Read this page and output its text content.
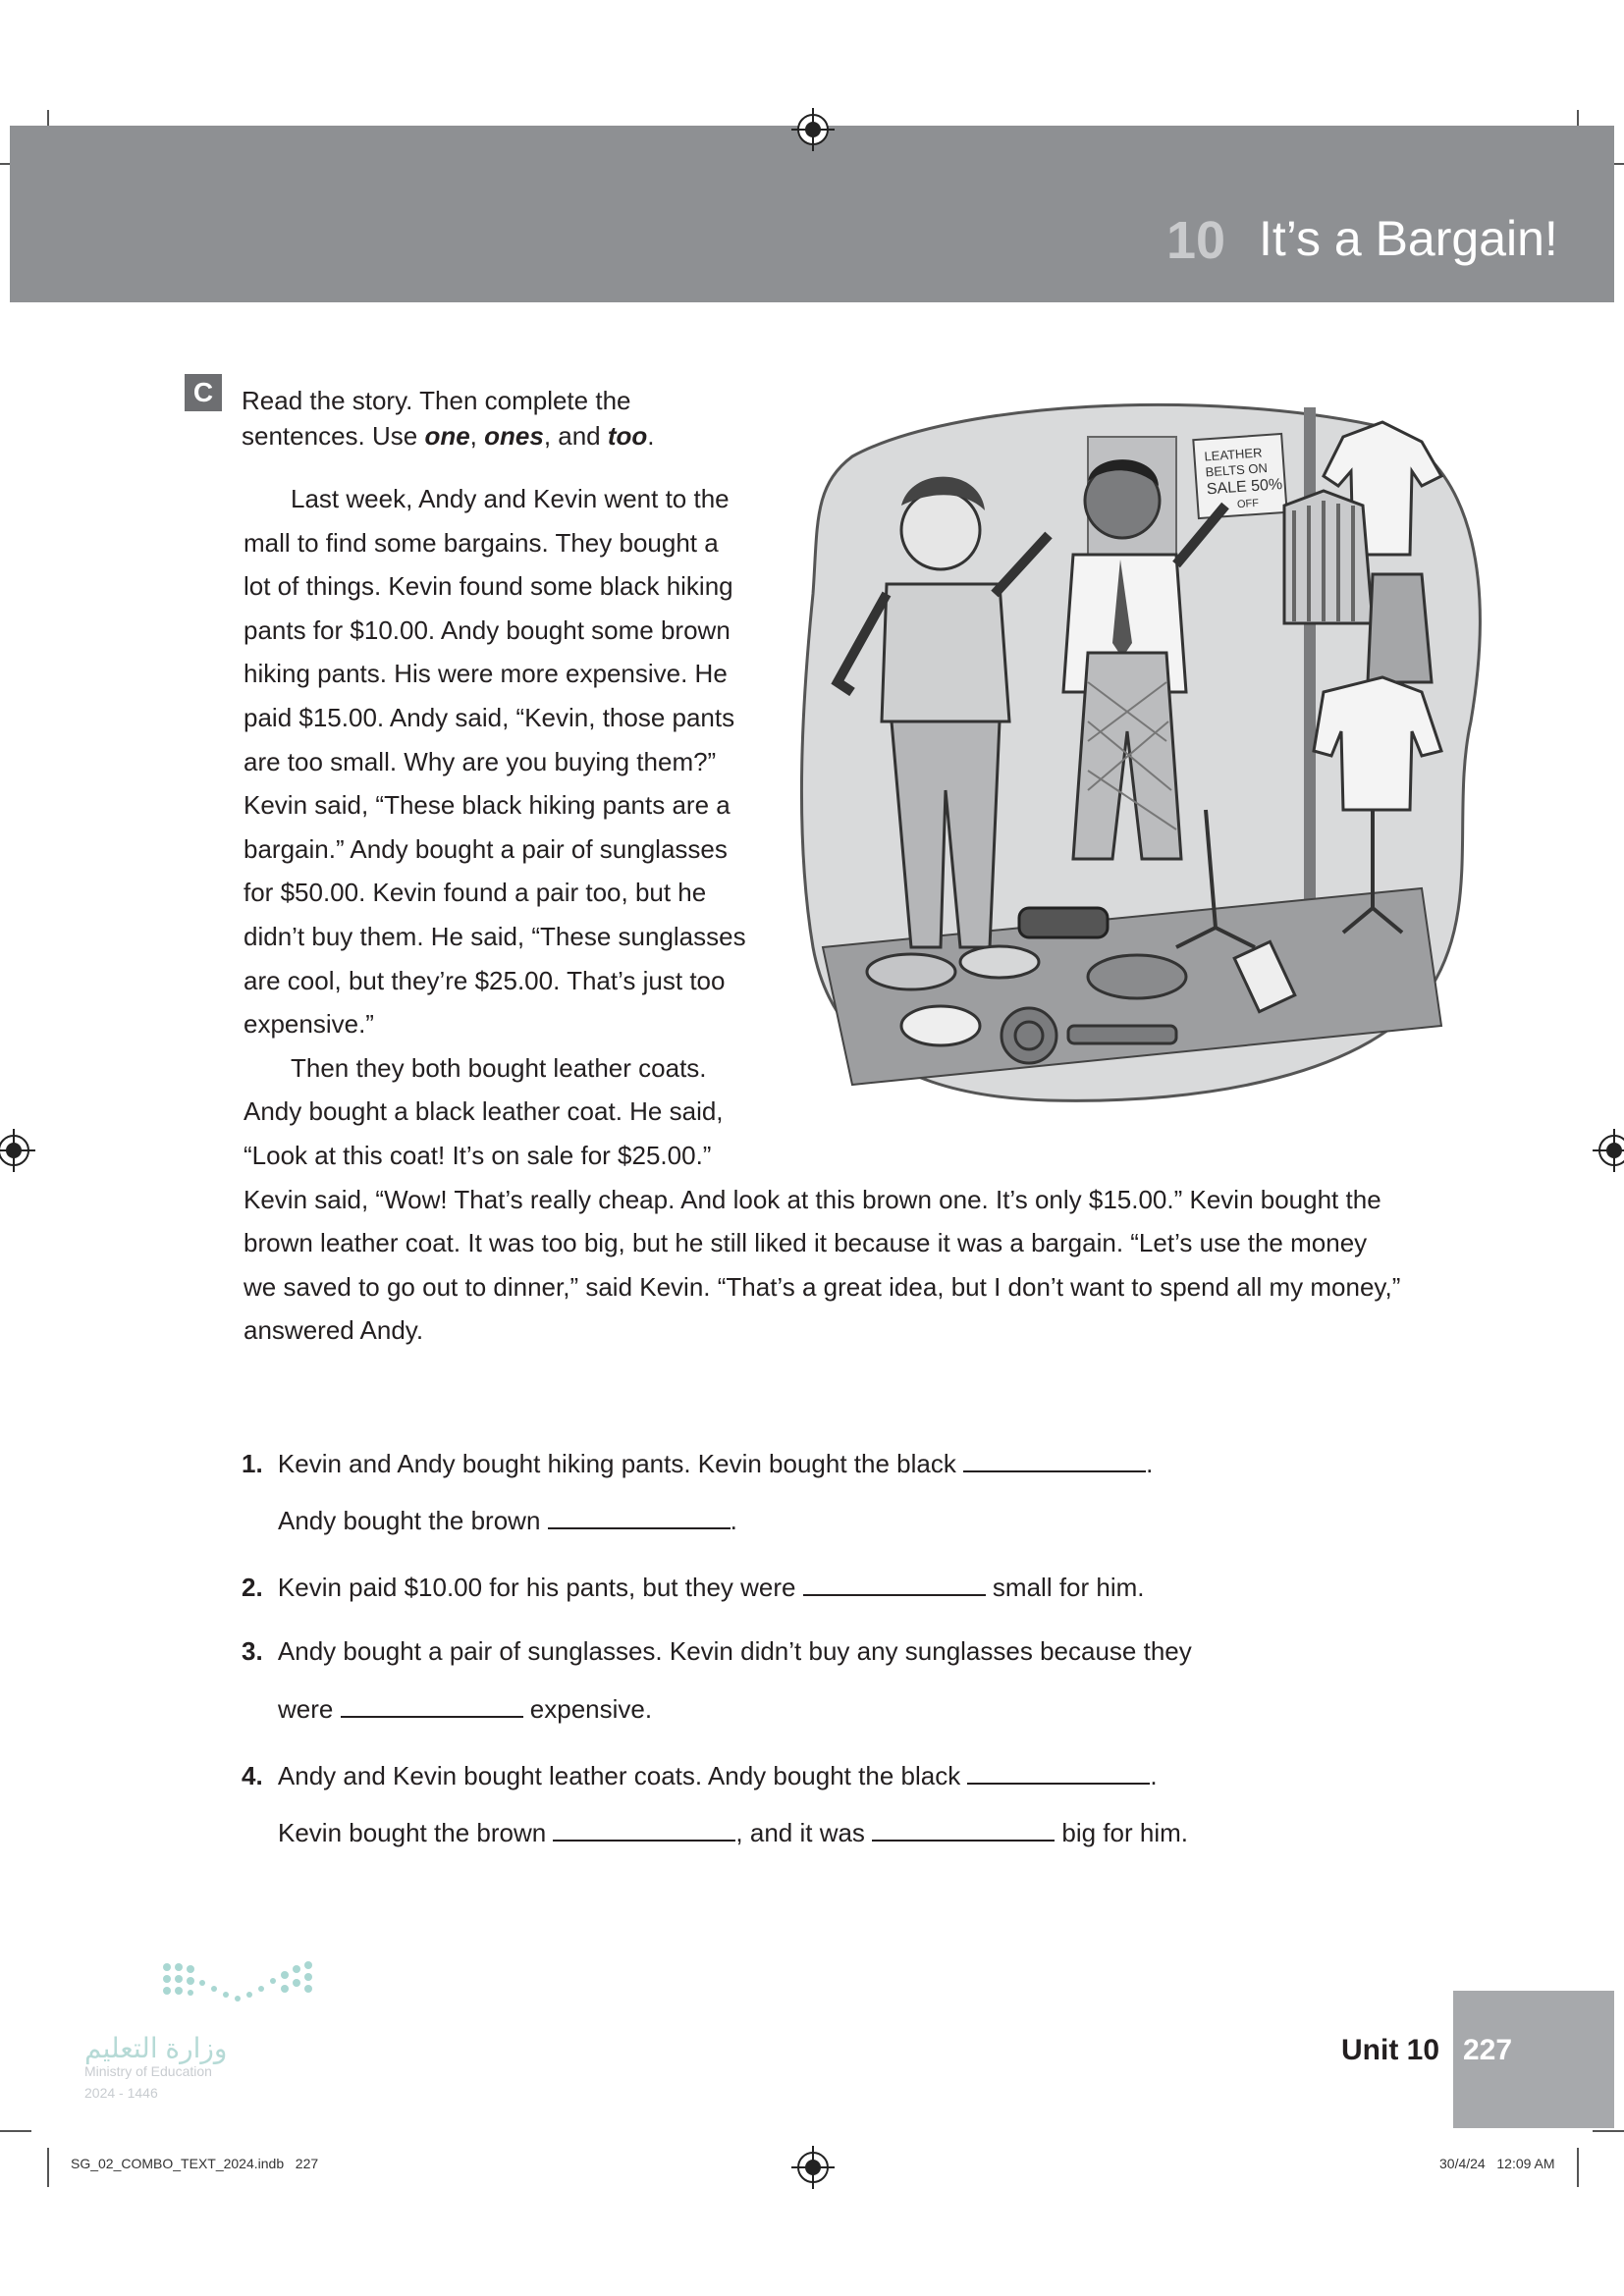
10 It’s a Bargain!
C	Read the story. Then complete the
sentences. Use one, ones, and too.
Last week, Andy and Kevin went to the
mall to find some bargains. They bought a
lot of things. Kevin found some black hiking
pants for $10.00. Andy bought some brown
hiking pants. His were more expensive. He
paid $15.00. Andy said, “Kevin, those pants
are too small. Why are you buying them?”
Kevin said, “These black hiking pants are a
bargain.” Andy bought a pair of sunglasses
for $50.00. Kevin found a pair too, but he
didn’t buy them. He said, “These sunglasses
are cool, but they’re $25.00. That’s just too
expensive.”
Then they both bought leather coats.
Andy bought a black leather coat. He said,
“Look at this coat! It’s on sale for $25.00.”
Kevin said, “Wow! That’s really cheap. And look at this brown one. It’s only $15.00.” Kevin bought the
brown leather coat. It was too big, but he still liked it because it was a bargain. “Let’s use the money
we saved to go out to dinner,” said Kevin. “That’s a great idea, but I don’t want to spend all my money,”
answered Andy.
LEATHER
BELTS ON
SALE 50%
OFF
1. Kevin and Andy bought hiking pants. Kevin bought the black	.
Andy bought the brown	.
2. Kevin paid $10.00 for his pants, but they were	small for him.
3. Andy bought a pair of sunglasses. Kevin didn’t buy any sunglasses because they
were	expensive.
4. Andy and Kevin bought leather coats. Andy bought the black	.
Kevin bought the brown	, and it was	big for him.
وزارة التعليم
Ministry of Education
2024 - 1446
Unit 10 227
SG_02_COMBO_TEXT_2024.indb   227	30/4/24   12:09 AM
